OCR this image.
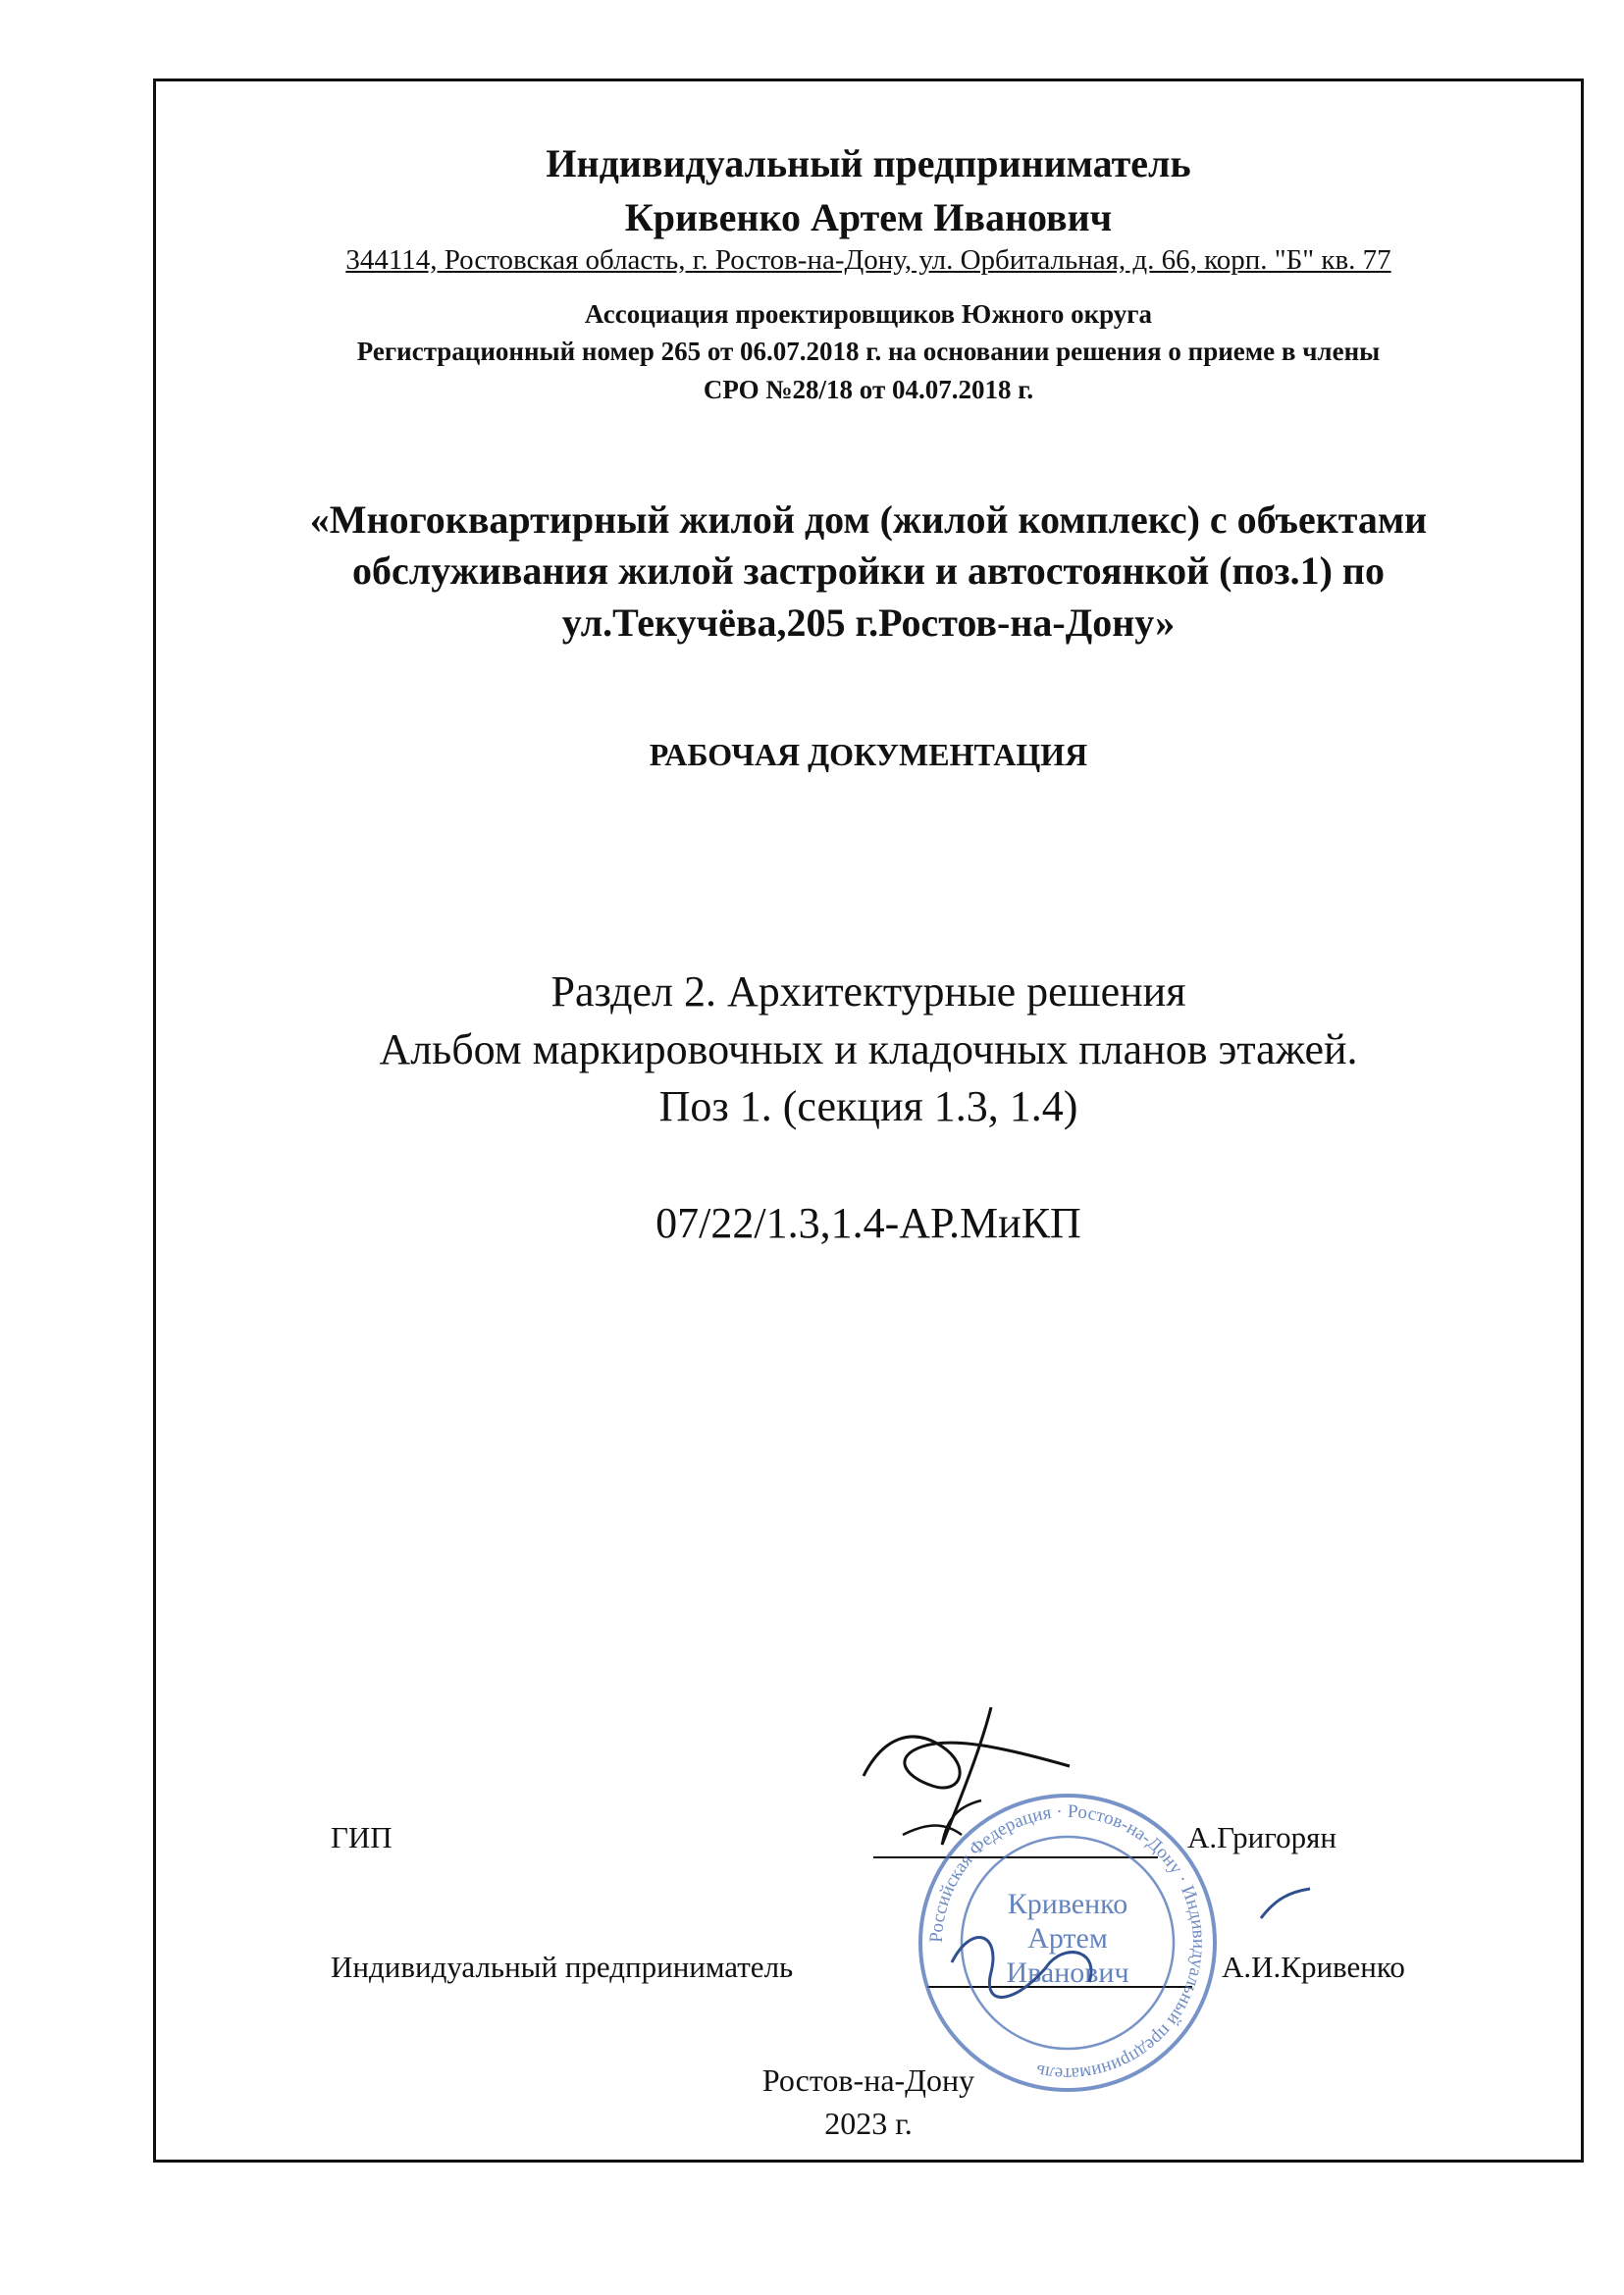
Индивидуальный предприниматель
Кривенко Артем Иванович
344114, Ростовская область, г. Ростов-на-Дону, ул. Орбитальная, д. 66, корп. "Б" кв. 77
Ассоциация проектировщиков Южного округа
Регистрационный номер 265 от 06.07.2018 г. на основании решения о приеме в члены
СРО №28/18 от 04.07.2018 г.
«Многоквартирный жилой дом (жилой комплекс) с объектами
обслуживания жилой застройки и автостоянкой (поз.1) по
ул.Текучёва,205 г.Ростов-на-Дону»
РАБОЧАЯ ДОКУМЕНТАЦИЯ
Раздел 2. Архитектурные решения
Альбом маркировочных и кладочных планов этажей.
Поз 1. (секция 1.3, 1.4)
07/22/1.3,1.4-АР.МиКП
ГИП	А.Григорян
Индивидуальный предприниматель	А.И.Кривенко
Российская Федерация · Ростов-на-Дону · Индивидуальный предприниматель
Кривенко
Артем
Иванович
Ростов-на-Дону
2023 г.
